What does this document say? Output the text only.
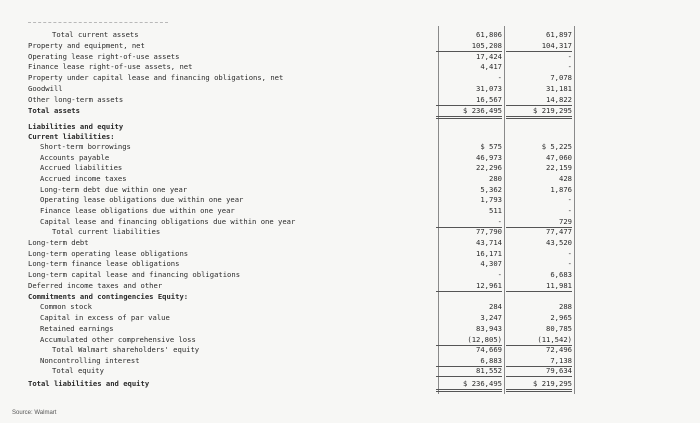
Total current assets	61,806	61,897
Property and equipment, net	105,208	104,317
Operating lease right-of-use assets	17,424	-
Finance lease right-of-use assets, net	4,417	-
Property under capital lease and financing obligations, net	-	7,078
Goodwill	31,073	31,181
Other long-term assets	16,567	14,822
Total assets	$ 236,495	$ 219,295
Liabilities and equity
Current liabilities:
Short-term borrowings	$ 575	$ 5,225
Accounts payable	46,973	47,060
Accrued liabilities	22,296	22,159
Accrued income taxes	280	428
Long-term debt due within one year	5,362	1,876
Operating lease obligations due within one year	1,793	-
Finance lease obligations due within one year	511	-
Capital lease and financing obligations due within one year	-	729
Total current liabilities	77,790	77,477
Long-term debt	43,714	43,520
Long-term operating lease obligations	16,171	-
Long-term finance lease obligations	4,307	-
Long-term capital lease and financing obligations	-	6,683
Deferred income taxes and other	12,961	11,981
Commitments and contingencies Equity:
Common stock	284	288
Capital in excess of par value	3,247	2,965
Retained earnings	83,943	80,785
Accumulated other comprehensive loss	(12,805)	(11,542)
Total Walmart shareholders' equity	74,669	72,496
Noncontrolling interest	6,883	7,138
Total equity	81,552	79,634
Total liabilities and equity	$ 236,495	$ 219,295
Source: Walmart
